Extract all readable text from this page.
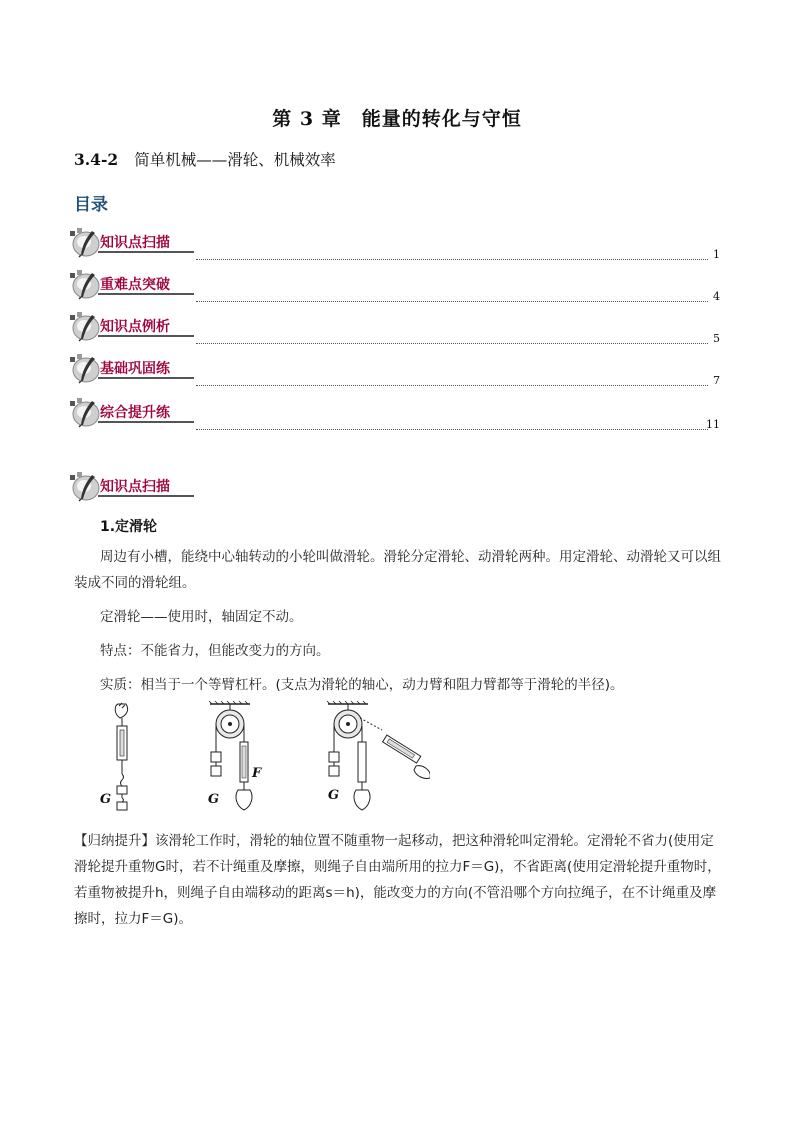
第 3 章　能量的转化与守恒
3.4-2 简单机械——滑轮、机械效率
目录
知识点扫描
1
重难点突破
4
知识点例析
5
基础巩固练
7
综合提升练
11
知识点扫描
1.定滑轮
周边有小槽，能绕中心轴转动的小轮叫做滑轮。滑轮分定滑轮、动滑轮两种。用定滑轮、动滑轮又可以组装成不同的滑轮组。
定滑轮——使用时，轴固定不动。
特点：不能省力，但能改变力的方向。
实质：相当于一个等臂杠杆。(支点为滑轮的轴心，动力臂和阻力臂都等于滑轮的半径)。
G	G
F
G
【归纳提升】该滑轮工作时，滑轮的轴位置不随重物一起移动，把这种滑轮叫定滑轮。定滑轮不省力(使用定滑轮提升重物G时，若不计绳重及摩擦，则绳子自由端所用的拉力F＝G)，不省距离(使用定滑轮提升重物时，若重物被提升h，则绳子自由端移动的距离s＝h)，能改变力的方向(不管沿哪个方向拉绳子，在不计绳重及摩擦时，拉力F＝G)。
